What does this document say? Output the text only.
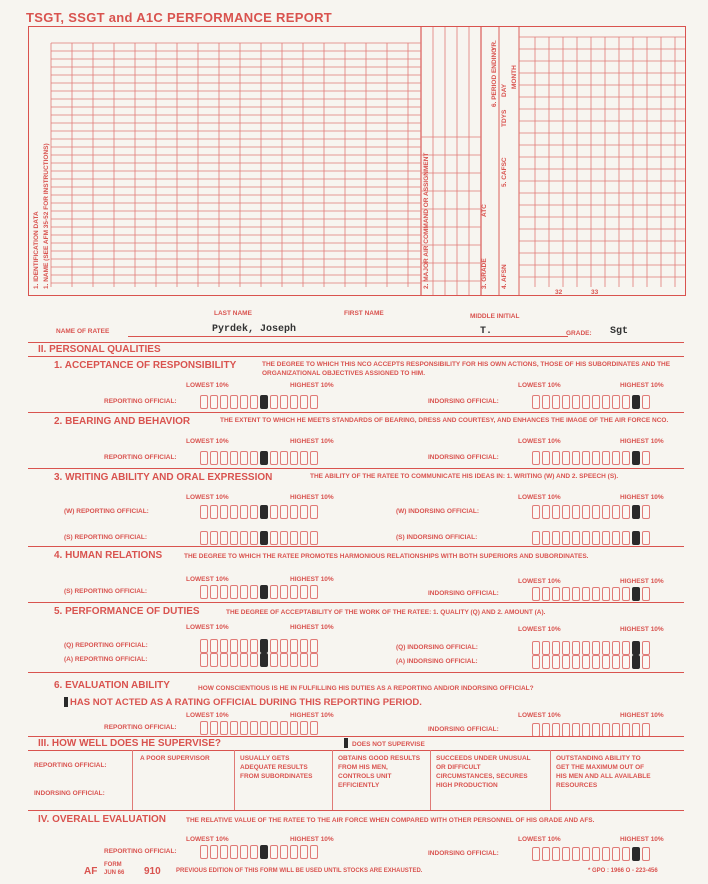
TSGT, SSGT and A1C PERFORMANCE REPORT
1. IDENTIFICATION DATA 1. NAME (SEE AFM 35-52 FOR INSTRUCTIONS)	2. MAJOR AIR COMMAND OR ASSIGNMENT	3. GRADE
ATC
4. AFSN
5. CAFSC
TDYS
6. PERIOD ENDING
YR.
DAY
MONTH
32	33
LAST NAME	FIRST NAME	MIDDLE INITIAL
NAME OF RATEE	Pyrdek, Joseph	T.	GRADE: Sgt
II. PERSONAL QUALITIES
1. ACCEPTANCE OF RESPONSIBILITY	THE DEGREE TO WHICH THIS NCO ACCEPTS RESPONSIBILITY FOR HIS OWN ACTIONS, THOSE OF HIS SUBORDINATES AND THE ORGANIZATIONAL OBJECTIVES ASSIGNED TO HIM.
LOWEST 10%	HIGHEST 10%	LOWEST 10%	HIGHEST 10%
REPORTING OFFICIAL:	INDORSING OFFICIAL:
2. BEARING AND BEHAVIOR	THE EXTENT TO WHICH HE MEETS STANDARDS OF BEARING, DRESS AND COURTESY, AND ENHANCES THE IMAGE OF THE AIR FORCE NCO.
LOWEST 10%	HIGHEST 10%	LOWEST 10%	HIGHEST 10%
REPORTING OFFICIAL:	INDORSING OFFICIAL:
3. WRITING ABILITY AND ORAL EXPRESSION	THE ABILITY OF THE RATEE TO COMMUNICATE HIS IDEAS IN: 1. WRITING (W) AND 2. SPEECH (S).
LOWEST 10%	HIGHEST 10%	LOWEST 10%	HIGHEST 10%
(W) REPORTING OFFICIAL:	(W) INDORSING OFFICIAL:
(S) REPORTING OFFICIAL:	(S) INDORSING OFFICIAL:
4. HUMAN RELATIONS	THE DEGREE TO WHICH THE RATEE PROMOTES HARMONIOUS RELATIONSHIPS WITH BOTH SUPERIORS AND SUBORDINATES.
LOWEST 10%	HIGHEST 10%	LOWEST 10%	HIGHEST 10%
(S) REPORTING OFFICIAL:	INDORSING OFFICIAL:
5. PERFORMANCE OF DUTIES	THE DEGREE OF ACCEPTABILITY OF THE WORK OF THE RATEE: 1. QUALITY (Q) AND 2. AMOUNT (A).
LOWEST 10%	HIGHEST 10%	LOWEST 10%	HIGHEST 10%
(Q) REPORTING OFFICIAL:	(Q) INDORSING OFFICIAL:
(A) REPORTING OFFICIAL:	(A) INDORSING OFFICIAL:
6. EVALUATION ABILITY	HOW CONSCIENTIOUS IS HE IN FULFILLING HIS DUTIES AS A REPORTING AND/OR INDORSING OFFICIAL?
HAS NOT ACTED AS A RATING OFFICIAL DURING THIS REPORTING PERIOD.
LOWEST 10%	HIGHEST 10%	LOWEST 10%	HIGHEST 10%
REPORTING OFFICIAL:	INDORSING OFFICIAL:
III. HOW WELL DOES HE SUPERVISE?	DOES NOT SUPERVISE
REPORTING OFFICIAL:
INDORSING OFFICIAL:
A POOR SUPERVISOR	USUALLY GETS ADEQUATE RESULTS FROM SUBORDINATES
OBTAINS GOOD RESULTS FROM HIS MEN, CONTROLS UNIT EFFICIENTLY
SUCCEEDS UNDER UNUSUAL OR DIFFICULT CIRCUMSTANCES, SECURES HIGH PRODUCTION
OUTSTANDING ABILITY TO GET THE MAXIMUM OUT OF HIS MEN AND ALL AVAILABLE RESOURCES
IV. OVERALL EVALUATION	THE RELATIVE VALUE OF THE RATEE TO THE AIR FORCE WHEN COMPARED WITH OTHER PERSONNEL OF HIS GRADE AND AFS.
LOWEST 10%	HIGHEST 10%	LOWEST 10%	HIGHEST 10%
REPORTING OFFICIAL:	INDORSING OFFICIAL:
AF
FORM
JUN 66 910	PREVIOUS EDITION OF THIS FORM WILL BE USED UNTIL STOCKS ARE EXHAUSTED.	* GPO : 1966 O - 223-456
